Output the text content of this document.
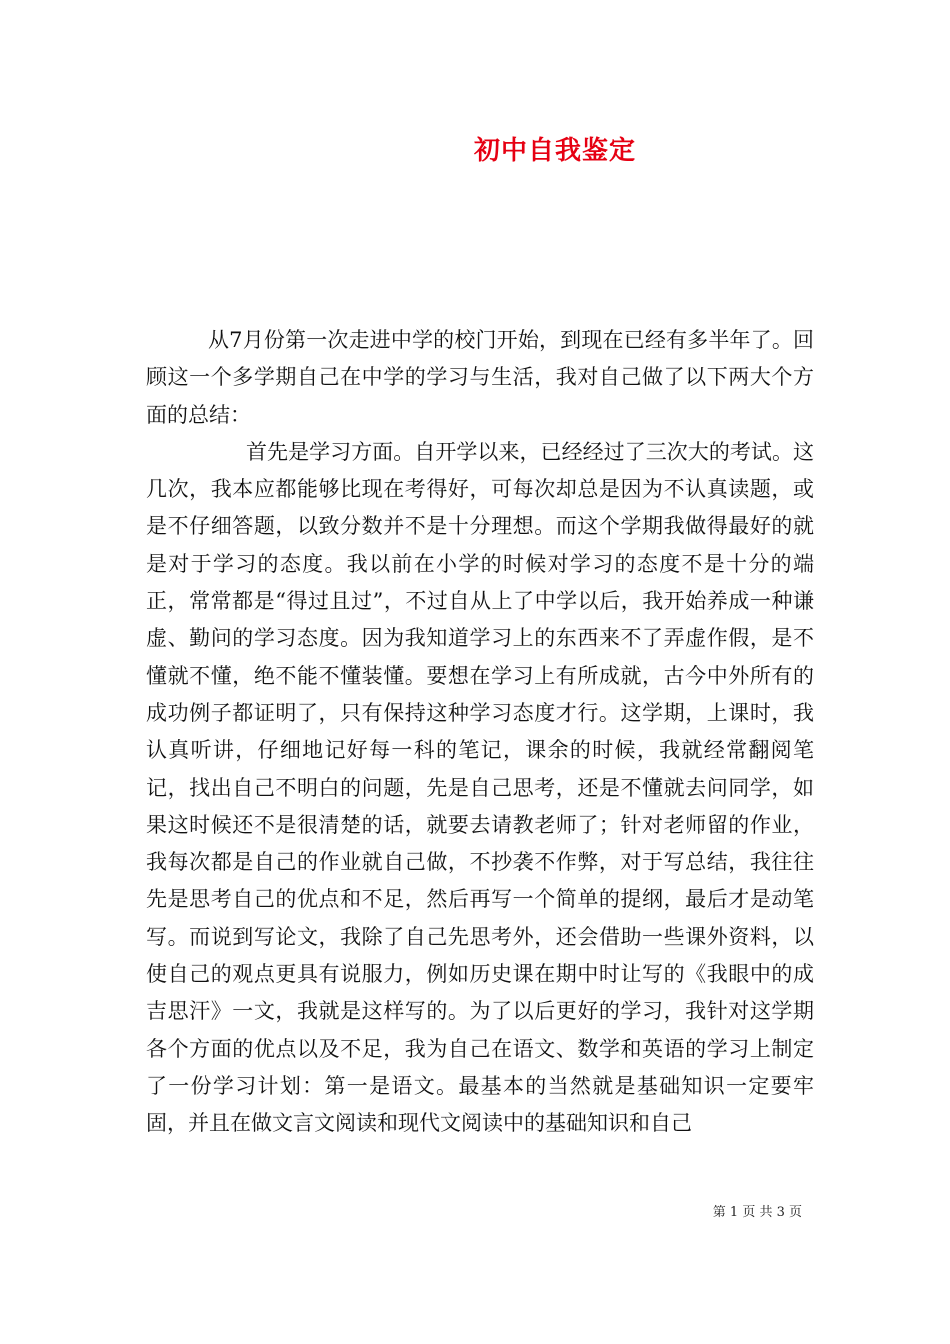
初中自我鉴定

从7月份第一次走进中学的校门开始，到现在已经有多半年了。回顾这一个多学期自己在中学的学习与生活，我对自己做了以下两大个方面的总结：

首先是学习方面。自开学以来，已经经过了三次大的考试。这几次，我本应都能够比现在考得好，可每次却总是因为不认真读题，或是不仔细答题，以致分数并不是十分理想。而这个学期我做得最好的就是对于学习的态度。我以前在小学的时候对学习的态度不是十分的端正，常常都是“得过且过”，不过自从上了中学以后，我开始养成一种谦虚、勤问的学习态度。因为我知道学习上的东西来不了弄虚作假，是不懂就不懂，绝不能不懂装懂。要想在学习上有所成就，古今中外所有的成功例子都证明了，只有保持这种学习态度才行。这学期，上课时，我认真听讲，仔细地记好每一科的笔记，课余的时候，我就经常翻阅笔记，找出自己不明白的问题，先是自己思考，还是不懂就去问同学，如果这时候还不是很清楚的话，就要去请教老师了；针对老师留的作业，我每次都是自己的作业就自己做，不抄袭不作弊，对于写总结，我往往先是思考自己的优点和不足，然后再写一个简单的提纲，最后才是动笔写。而说到写论文，我除了自己先思考外，还会借助一些课外资料，以使自己的观点更具有说服力，例如历史课在期中时让写的《我眼中的成吉思汗》一文，我就是这样写的。为了以后更好的学习，我针对这学期各个方面的优点以及不足，我为自己在语文、数学和英语的学习上制定了一份学习计划：第一是语文。最基本的当然就是基础知识一定要牢固，并且在做文言文阅读和现代文阅读中的基础知识和自己

第 1 页 共 3 页
